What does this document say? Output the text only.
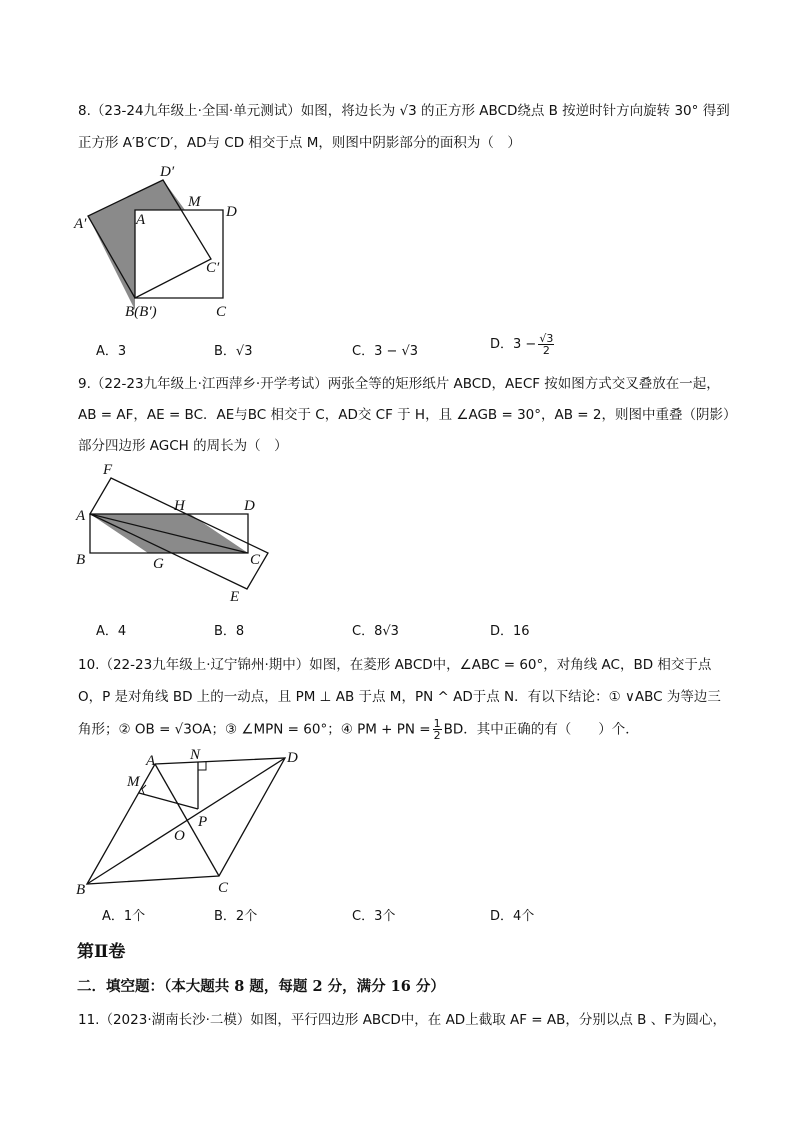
8.（23-24九年级上·全国·单元测试）如图，将边长为 √3 的正方形 ABCD绕点 B 按逆时针方向旋转 30° 得到
正方形 A′B′C′D′，AD与 CD 相交于点 M，则图中阴影部分的面积为（　）
D′
M
A′	A	D
C′
B(B′)	C
A．3	B．√3	C．3 − √3	D．$3 - \frac{√3}{2}$
9.（22-23九年级上·江西萍乡·开学考试）两张全等的矩形纸片 ABCD，AECF 按如图方式交叉叠放在一起，
AB = AF，AE = BC．AE与BC 相交于 C，AD交 CF 于 H，且 ∠AGB = 30°，AB = 2，则图中重叠（阴影）
部分四边形 AGCH 的周长为（　）
F
H	D
A
B	G	C
E
A．4	B．8	C．8√3	D．16
10.（22-23九年级上·辽宁锦州·期中）如图，在菱形 ABCD中，∠ABC = 60°，对角线 AC，BD 相交于点
O，P 是对角线 BD 上的一动点，且 PM ⊥ AB 于点 M，PN ^ AD于点 N．有以下结论：① ∨ABC 为等边三
角形；② OB = √3OA；③ ∠MPN = 60°；④ PM + PN = $\frac{1}{2}$ BD．其中正确的有（　　）个．
A N	D
M
P
O
B	C
A．1个	B．2个	C．3个	D．4个
第Ⅱ卷
二．填空题：（本大题共 8 题，每题 2 分，满分 16 分）
11.（2023·湖南长沙·二模）如图，平行四边形 ABCD中，在 AD上截取 AF = AB，分别以点 B 、F为圆心，
